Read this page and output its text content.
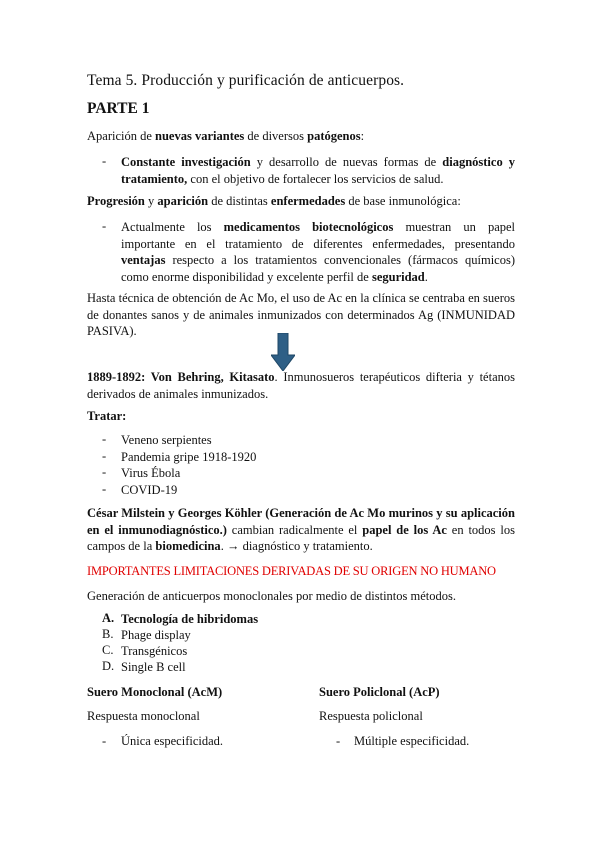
Tema 5. Producción y purificación de anticuerpos.
PARTE 1
Aparición de nuevas variantes de diversos patógenos:
- Constante investigación y desarrollo de nuevas formas de diagnóstico y tratamiento, con el objetivo de fortalecer los servicios de salud.
Progresión y aparición de distintas enfermedades de base inmunológica:
- Actualmente los medicamentos biotecnológicos muestran un papel importante en el tratamiento de diferentes enfermedades, presentando ventajas respecto a los tratamientos convencionales (fármacos químicos) como enorme disponibilidad y excelente perfil de seguridad.
Hasta técnica de obtención de Ac Mo, el uso de Ac en la clínica se centraba en sueros de donantes sanos y de animales inmunizados con determinados Ag (INMUNIDAD PASIVA).
1889-1892: Von Behring, Kitasato. Inmunosueros terapéuticos difteria y tétanos derivados de animales inmunizados.
Tratar:
- Veneno serpientes
- Pandemia gripe 1918-1920
- Virus Ébola
- COVID-19
César Milstein y Georges Köhler (Generación de Ac Mo murinos y su aplicación en el inmunodiagnóstico.) cambian radicalmente el papel de los Ac en todos los campos de la biomedicina. → diagnóstico y tratamiento.
IMPORTANTES LIMITACIONES DERIVADAS DE SU ORIGEN NO HUMANO
Generación de anticuerpos monoclonales por medio de distintos métodos.
A. Tecnología de hibridomas
B. Phage display
C. Transgénicos
D. Single B cell
Suero Monoclonal (AcM)	Suero Policlonal (AcP)
Respuesta monoclonal	Respuesta policlonal
- Única especificidad.	- Múltiple especificidad.
